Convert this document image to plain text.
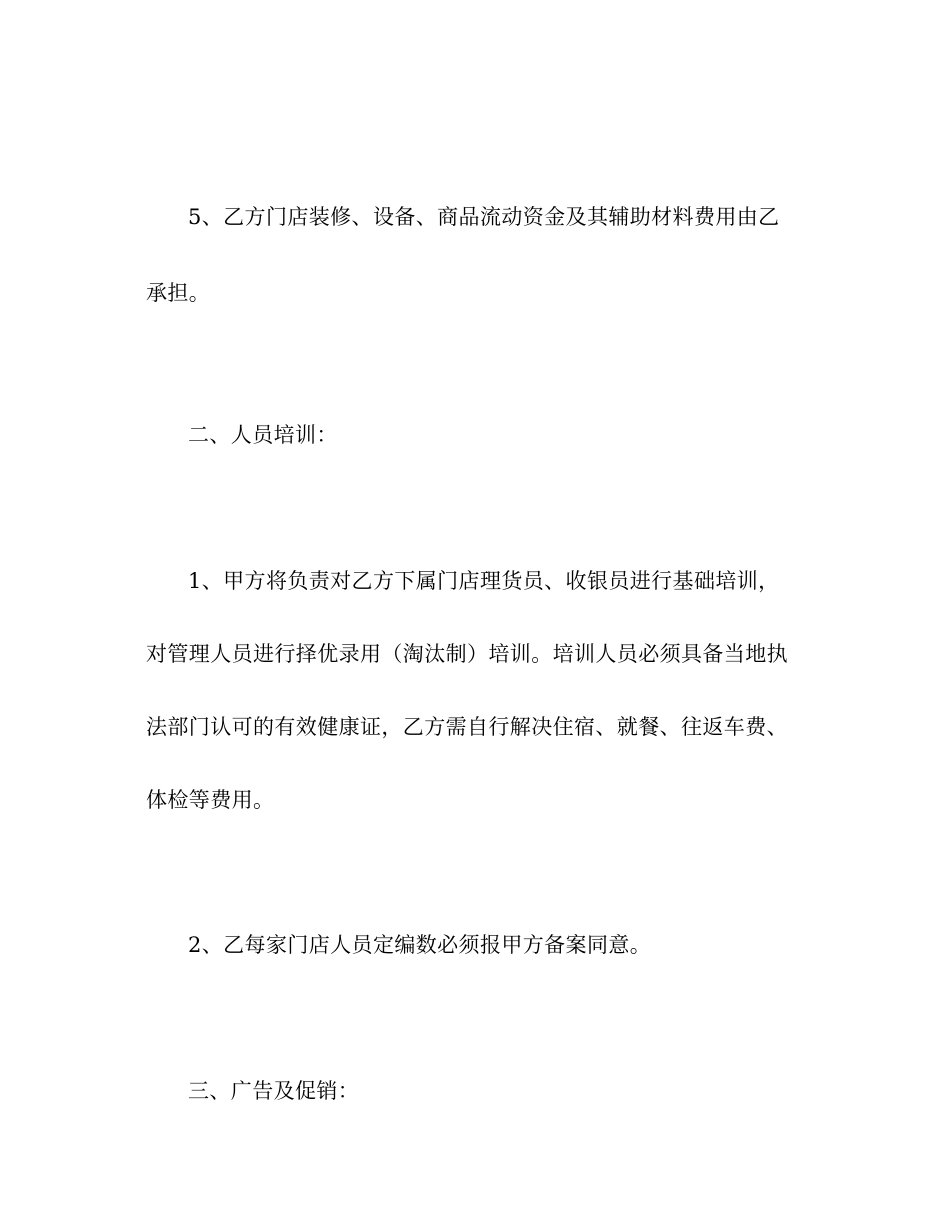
5、乙方门店装修、设备、商品流动资金及其辅助材料费用由乙
承担。
二、人员培训：
1、甲方将负责对乙方下属门店理货员、收银员进行基础培训，
对管理人员进行择优录用（淘汰制）培训。培训人员必须具备当地执
法部门认可的有效健康证，乙方需自行解决住宿、就餐、往返车费、
体检等费用。
2、乙每家门店人员定编数必须报甲方备案同意。
三、广告及促销：
